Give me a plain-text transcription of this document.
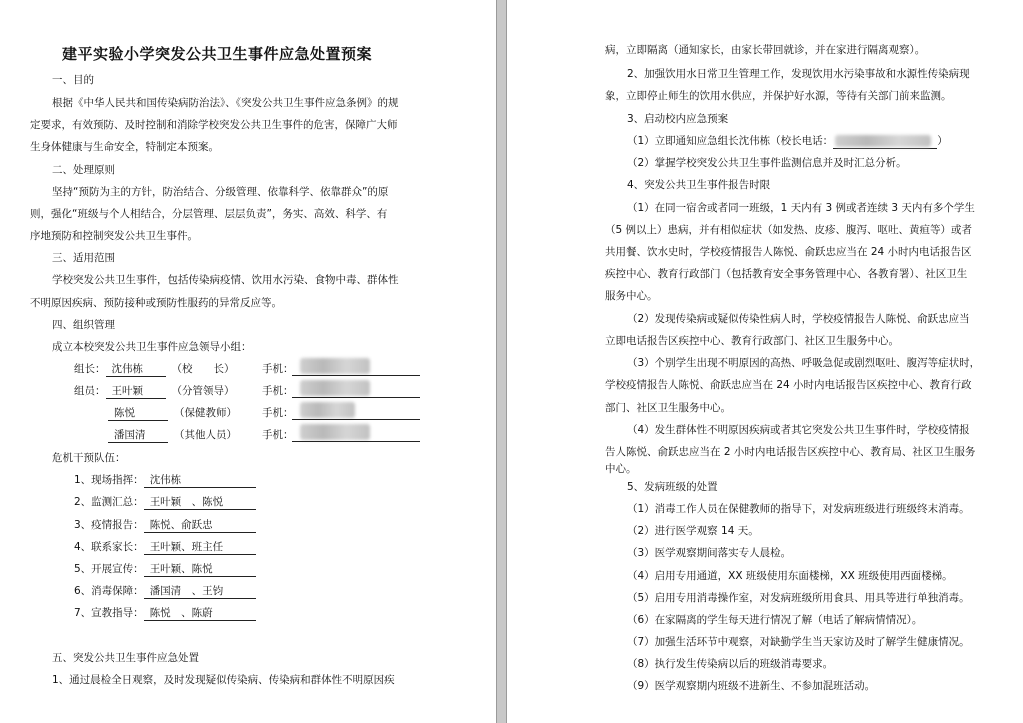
建平实验小学突发公共卫生事件应急处置预案
一、目的
根据《中华人民共和国传染病防治法》、《突发公共卫生事件应急条例》的规
定要求，有效预防、及时控制和消除学校突发公共卫生事件的危害，保障广大师
生身体健康与生命安全，特制定本预案。
二、处理原则
坚持“预防为主的方针，防治结合、分级管理、依靠科学、依靠群众”的原
则，强化“班级与个人相结合，分层管理、层层负责”，务实、高效、科学、有
序地预防和控制突发公共卫生事件。
三、适用范围
学校突发公共卫生事件，包括传染病疫情、饮用水污染、食物中毒、群体性
不明原因疾病、预防接种或预防性服药的异常反应等。
四、组织管理
成立本校突发公共卫生事件应急领导小组：
组长： 沈伟栋	（校　　长）	手机：
组员： 王叶颖	（分管领导）	手机：
陈悦	（保健教师） 手机：
潘国清	（其他人员） 手机：
危机干预队伍：
1、现场指挥： 沈伟栋
2、监测汇总： 王叶颖　、陈悦
3、疫情报告： 陈悦、俞跃忠
4、联系家长： 王叶颖、班主任
5、开展宣传： 王叶颖、陈悦
6、消毒保障： 潘国清　、王钧
7、宣教指导： 陈悦　、陈蔚
五、突发公共卫生事件应急处置
1、通过晨检全日观察，及时发现疑似传染病、传染病和群体性不明原因疾
病，立即隔离（通知家长，由家长带回就诊，并在家进行隔离观察）。
2、加强饮用水日常卫生管理工作，发现饮用水污染事故和水源性传染病现
象，立即停止师生的饮用水供应，并保护好水源，等待有关部门前来监测。
3、启动校内应急预案
（1）立即通知应急组长沈伟栋（校长电话：	）
（2）掌握学校突发公共卫生事件监测信息并及时汇总分析。
4、突发公共卫生事件报告时限
（1）在同一宿舍或者同一班级，1 天内有 3 例或者连续 3 天内有多个学生
（5 例以上）患病，并有相似症状（如发热、皮疹、腹泻、呕吐、黄疸等）或者
共用餐、饮水史时，学校疫情报告人陈悦、俞跃忠应当在 24 小时内电话报告区
疾控中心、教育行政部门（包括教育安全事务管理中心、各教育署）、社区卫生
服务中心。
（2）发现传染病或疑似传染性病人时，学校疫情报告人陈悦、俞跃忠应当
立即电话报告区疾控中心、教育行政部门、社区卫生服务中心。
（3）个别学生出现不明原因的高热、呼吸急促或剧烈呕吐、腹泻等症状时，
学校疫情报告人陈悦、俞跃忠应当在 24 小时内电话报告区疾控中心、教育行政
部门、社区卫生服务中心。
（4）发生群体性不明原因疾病或者其它突发公共卫生事件时，学校疫情报
告人陈悦、俞跃忠应当在 2 小时内电话报告区疾控中心、教育局、社区卫生服务
中心。
5、发病班级的处置
（1）消毒工作人员在保健教师的指导下，对发病班级进行班级终末消毒。
（2）进行医学观察 14 天。
（3）医学观察期间落实专人晨检。
（4）启用专用通道，XX 班级使用东面楼梯，XX 班级使用西面楼梯。
（5）启用专用消毒操作室，对发病班级所用食具、用具等进行单独消毒。
（6）在家隔离的学生每天进行情况了解（电话了解病情情况）。
（7）加强生活环节中观察，对缺勤学生当天家访及时了解学生健康情况。
（8）执行发生传染病以后的班级消毒要求。
（9）医学观察期内班级不进新生、不参加混班活动。
